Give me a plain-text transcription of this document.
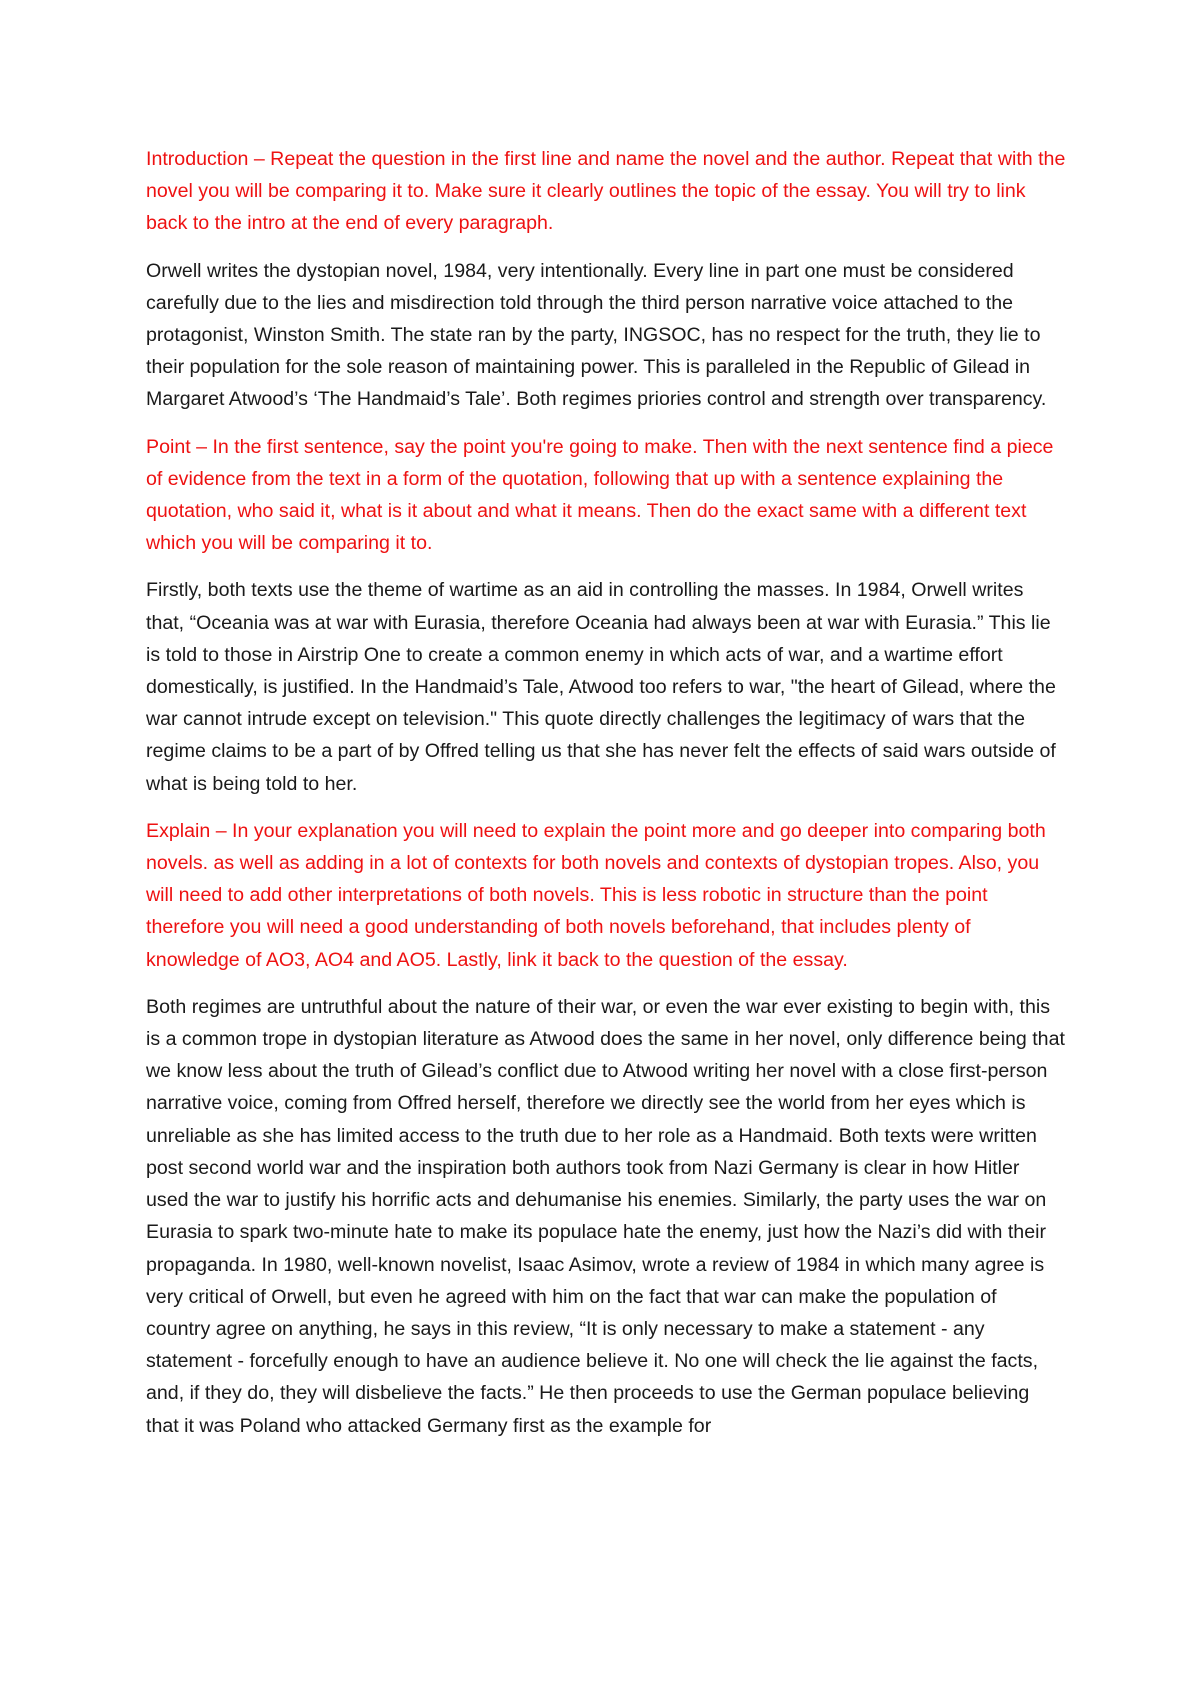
Introduction – Repeat the question in the first line and name the novel and the author. Repeat that with the novel you will be comparing it to. Make sure it clearly outlines the topic of the essay. You will try to link back to the intro at the end of every paragraph.

Orwell writes the dystopian novel, 1984, very intentionally. Every line in part one must be considered carefully due to the lies and misdirection told through the third person narrative voice attached to the protagonist, Winston Smith. The state ran by the party, INGSOC, has no respect for the truth, they lie to their population for the sole reason of maintaining power. This is paralleled in the Republic of Gilead in Margaret Atwood’s ‘The Handmaid’s Tale’. Both regimes priories control and strength over transparency.

Point – In the first sentence, say the point you're going to make. Then with the next sentence find a piece of evidence from the text in a form of the quotation, following that up with a sentence explaining the quotation, who said it, what is it about and what it means. Then do the exact same with a different text which you will be comparing it to.

Firstly, both texts use the theme of wartime as an aid in controlling the masses. In 1984, Orwell writes that, “Oceania was at war with Eurasia, therefore Oceania had always been at war with Eurasia.” This lie is told to those in Airstrip One to create a common enemy in which acts of war, and a wartime effort domestically, is justified. In the Handmaid’s Tale, Atwood too refers to war, "the heart of Gilead, where the war cannot intrude except on television." This quote directly challenges the legitimacy of wars that the regime claims to be a part of by Offred telling us that she has never felt the effects of said wars outside of what is being told to her.

Explain – In your explanation you will need to explain the point more and go deeper into comparing both novels. as well as adding in a lot of contexts for both novels and contexts of dystopian tropes. Also, you will need to add other interpretations of both novels. This is less robotic in structure than the point therefore you will need a good understanding of both novels beforehand, that includes plenty of knowledge of AO3, AO4 and AO5. Lastly, link it back to the question of the essay.

Both regimes are untruthful about the nature of their war, or even the war ever existing to begin with, this is a common trope in dystopian literature as Atwood does the same in her novel, only difference being that we know less about the truth of Gilead’s conflict due to Atwood writing her novel with a close first-person narrative voice, coming from Offred herself, therefore we directly see the world from her eyes which is unreliable as she has limited access to the truth due to her role as a Handmaid. Both texts were written post second world war and the inspiration both authors took from Nazi Germany is clear in how Hitler used the war to justify his horrific acts and dehumanise his enemies. Similarly, the party uses the war on Eurasia to spark two-minute hate to make its populace hate the enemy, just how the Nazi’s did with their propaganda. In 1980, well-known novelist, Isaac Asimov, wrote a review of 1984 in which many agree is very critical of Orwell, but even he agreed with him on the fact that war can make the population of country agree on anything, he says in this review, “It is only necessary to make a statement - any statement - forcefully enough to have an audience believe it. No one will check the lie against the facts, and, if they do, they will disbelieve the facts.” He then proceeds to use the German populace believing that it was Poland who attacked Germany first as the example for
